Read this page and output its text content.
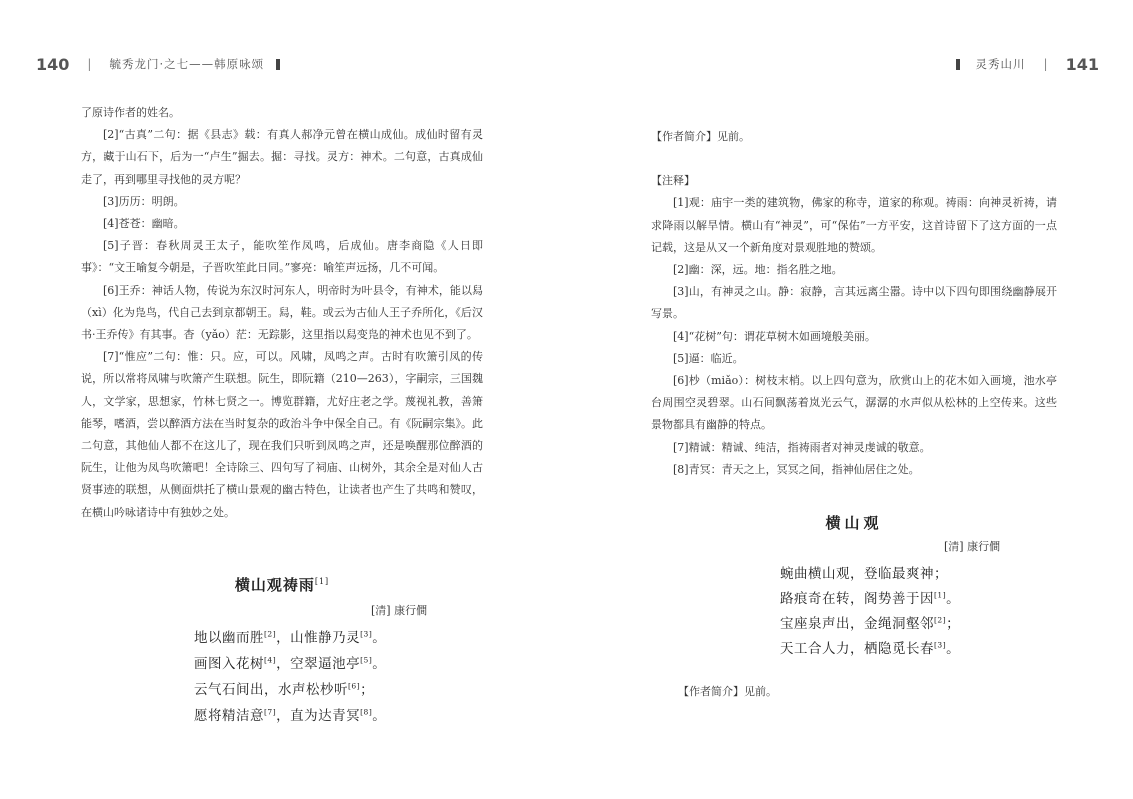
140 | 毓秀龙门·之七——韩原咏颂

了原诗作者的姓名。

[2]“古真”二句：据《县志》载：有真人郝净元曾在横山成仙。成仙时留有灵方，藏于山石下，后为一“卢生”掘去。掘：寻找。灵方：神术。二句意，古真成仙走了，再到哪里寻找他的灵方呢？

[3]历历：明朗。

[4]苍苍：幽暗。

[5]子晋：春秋周灵王太子，能吹笙作凤鸣，后成仙。唐李商隐《人日即事》：“文王喻复今朝是，子晋吹笙此日同。”寥亮：喻笙声远扬，几不可闻。

[6]王乔：神话人物，传说为东汉时河东人，明帝时为叶县令，有神术，能以舄（xì）化为凫鸟，代自己去到京都朝王。舄，鞋。或云为古仙人王子乔所化，《后汉书·王乔传》有其事。杳（yǎo）茫：无踪影，这里指以舄变凫的神术也见不到了。

[7]“惟应”二句：惟：只。应，可以。风啸，凤鸣之声。古时有吹箫引凤的传说，所以常将凤啸与吹箫产生联想。阮生，即阮籍（210—263），字嗣宗，三国魏人，文学家，思想家，竹林七贤之一。博览群籍，尤好庄老之学。蔑视礼教，善箫能琴，嗜酒，尝以醉酒方法在当时复杂的政治斗争中保全自己。有《阮嗣宗集》。此二句意，其他仙人都不在这儿了，现在我们只听到凤鸣之声，还是唤醒那位醉酒的阮生，让他为凤鸟吹箫吧！全诗除三、四句写了祠庙、山树外，其余全是对仙人古贤事迹的联想，从侧面烘托了横山景观的幽古特色，让读者也产生了共鸣和赞叹，在横山吟咏诸诗中有独妙之处。

横山观祷雨[1]
[清] 康行僴
地以幽而胜[2]，山惟静乃灵[3]。
画图入花树[4]，空翠逼池亭[5]。
云气石间出，水声松杪听[6]；
愿将精洁意[7]，直为达青冥[8]。
灵秀山川 | 141

【作者简介】见前。

【注释】

[1]观：庙宇一类的建筑物，佛家的称寺，道家的称观。祷雨：向神灵祈祷，请求降雨以解旱情。横山有“神灵”，可“保佑”一方平安，这首诗留下了这方面的一点记载，这是从又一个新角度对景观胜地的赞颂。

[2]幽：深，远。地：指名胜之地。

[3]山，有神灵之山。静：寂静，言其远离尘嚣。诗中以下四句即围绕幽静展开写景。

[4]“花树”句：谓花草树木如画境般美丽。

[5]逼：临近。

[6]杪（miǎo）：树枝末梢。以上四句意为，欣赏山上的花木如入画境，池水亭台周围空灵碧翠。山石间飘荡着岚光云气，潺潺的水声似从松林的上空传来。这些景物都具有幽静的特点。

[7]精诚：精诚、纯洁，指祷雨者对神灵虔诚的敬意。

[8]青冥：青天之上，冥冥之间，指神仙居住之处。

横山观
[清] 康行僴
蜿曲横山观，登临最爽神；
路痕奇在转，阁势善于因[1]。
宝座泉声出，金绳洞壑邻[2]；
天工合人力，栖隐觅长春[3]。

【作者简介】见前。
